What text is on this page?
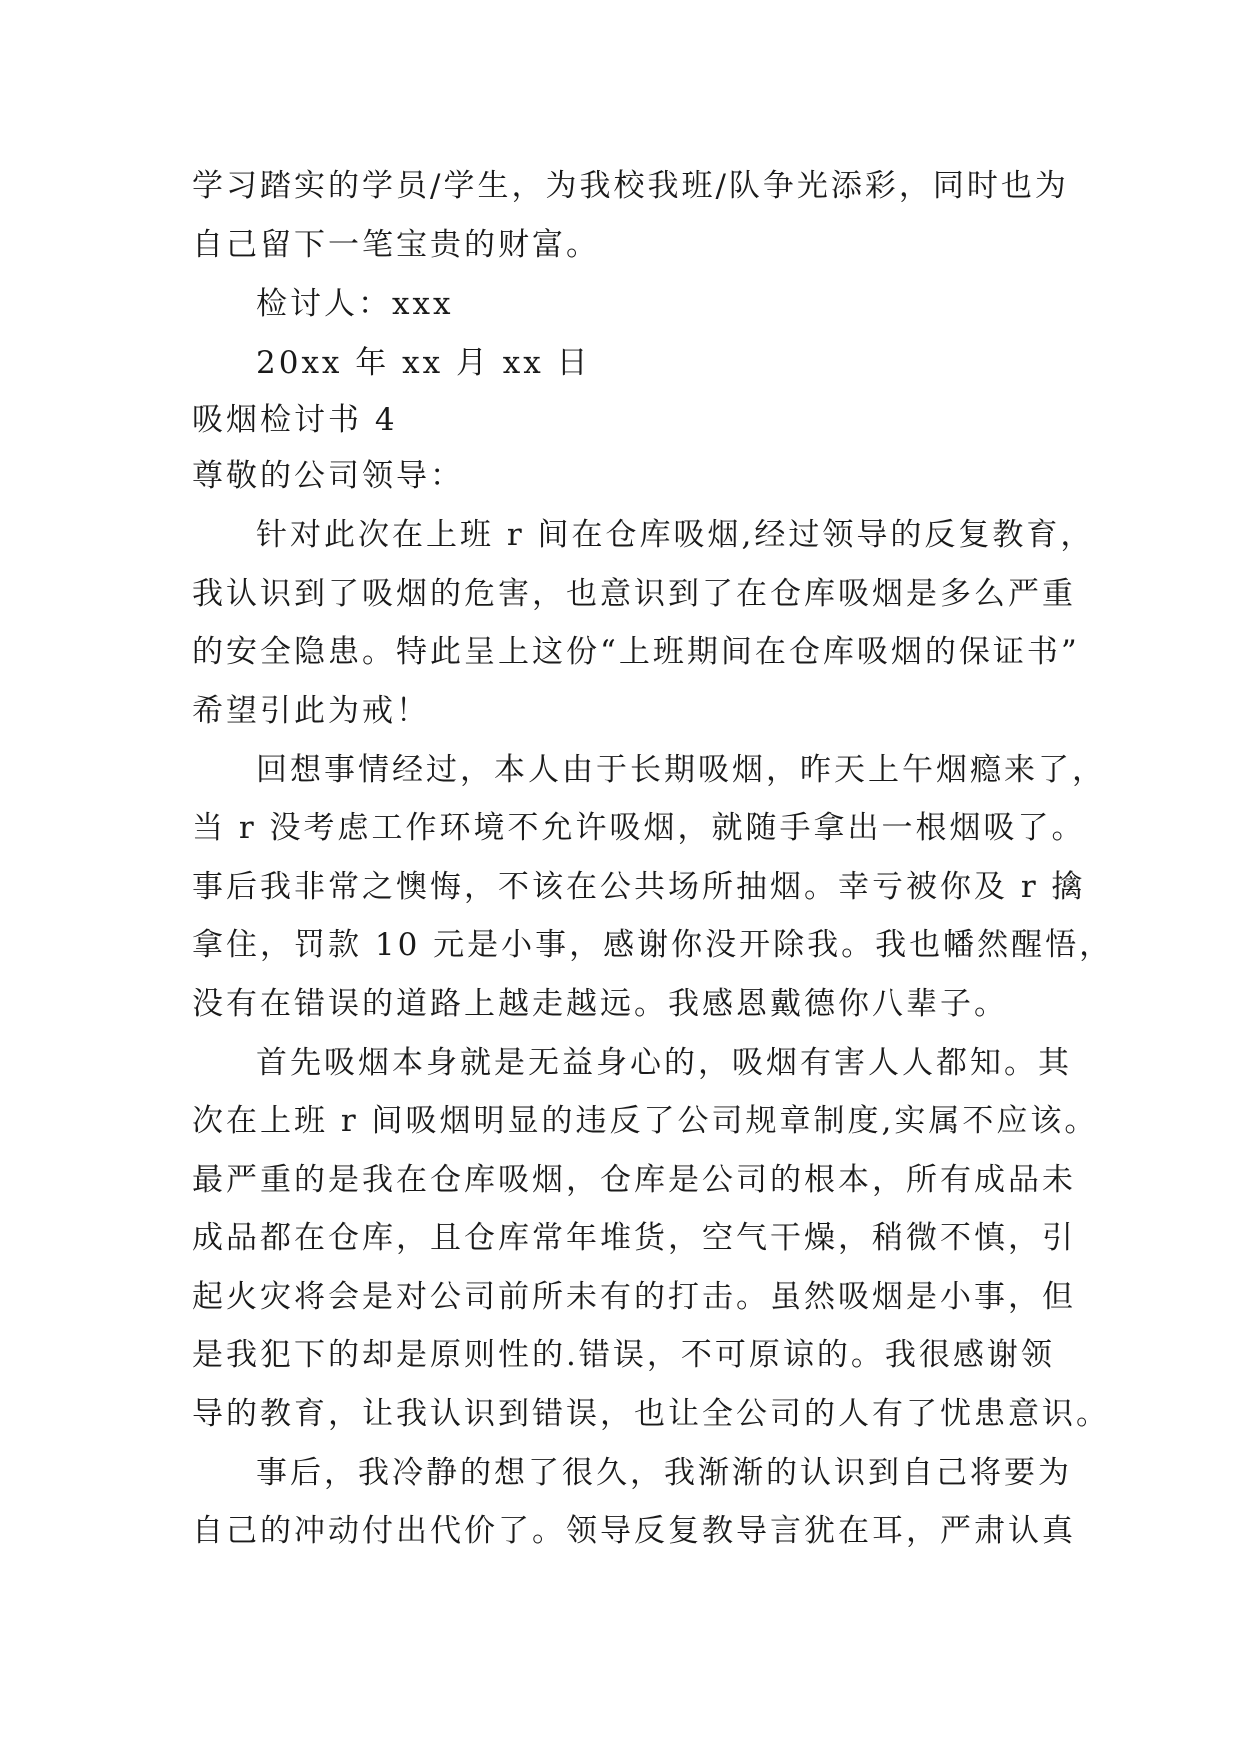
学习踏实的学员/学生，为我校我班/队争光添彩，同时也为
自己留下一笔宝贵的财富。
检讨人：xxx
20xx 年 xx 月 xx 日
吸烟检讨书 4
尊敬的公司领导：
针对此次在上班 r 间在仓库吸烟,经过领导的反复教育，
我认识到了吸烟的危害，也意识到了在仓库吸烟是多么严重
的安全隐患。特此呈上这份“上班期间在仓库吸烟的保证书”
希望引此为戒！
回想事情经过，本人由于长期吸烟，昨天上午烟瘾来了，
当 r 没考虑工作环境不允许吸烟，就随手拿出一根烟吸了。
事后我非常之懊悔，不该在公共场所抽烟。幸亏被你及 r 擒
拿住，罚款 10 元是小事，感谢你没开除我。我也幡然醒悟，
没有在错误的道路上越走越远。我感恩戴德你八辈子。
首先吸烟本身就是无益身心的，吸烟有害人人都知。其
次在上班 r 间吸烟明显的违反了公司规章制度,实属不应该。
最严重的是我在仓库吸烟，仓库是公司的根本，所有成品未
成品都在仓库，且仓库常年堆货，空气干燥，稍微不慎，引
起火灾将会是对公司前所未有的打击。虽然吸烟是小事，但
是我犯下的却是原则性的.错误，不可原谅的。我很感谢领
导的教育，让我认识到错误，也让全公司的人有了忧患意识。
事后，我冷静的想了很久，我渐渐的认识到自己将要为
自己的冲动付出代价了。领导反复教导言犹在耳，严肃认真
